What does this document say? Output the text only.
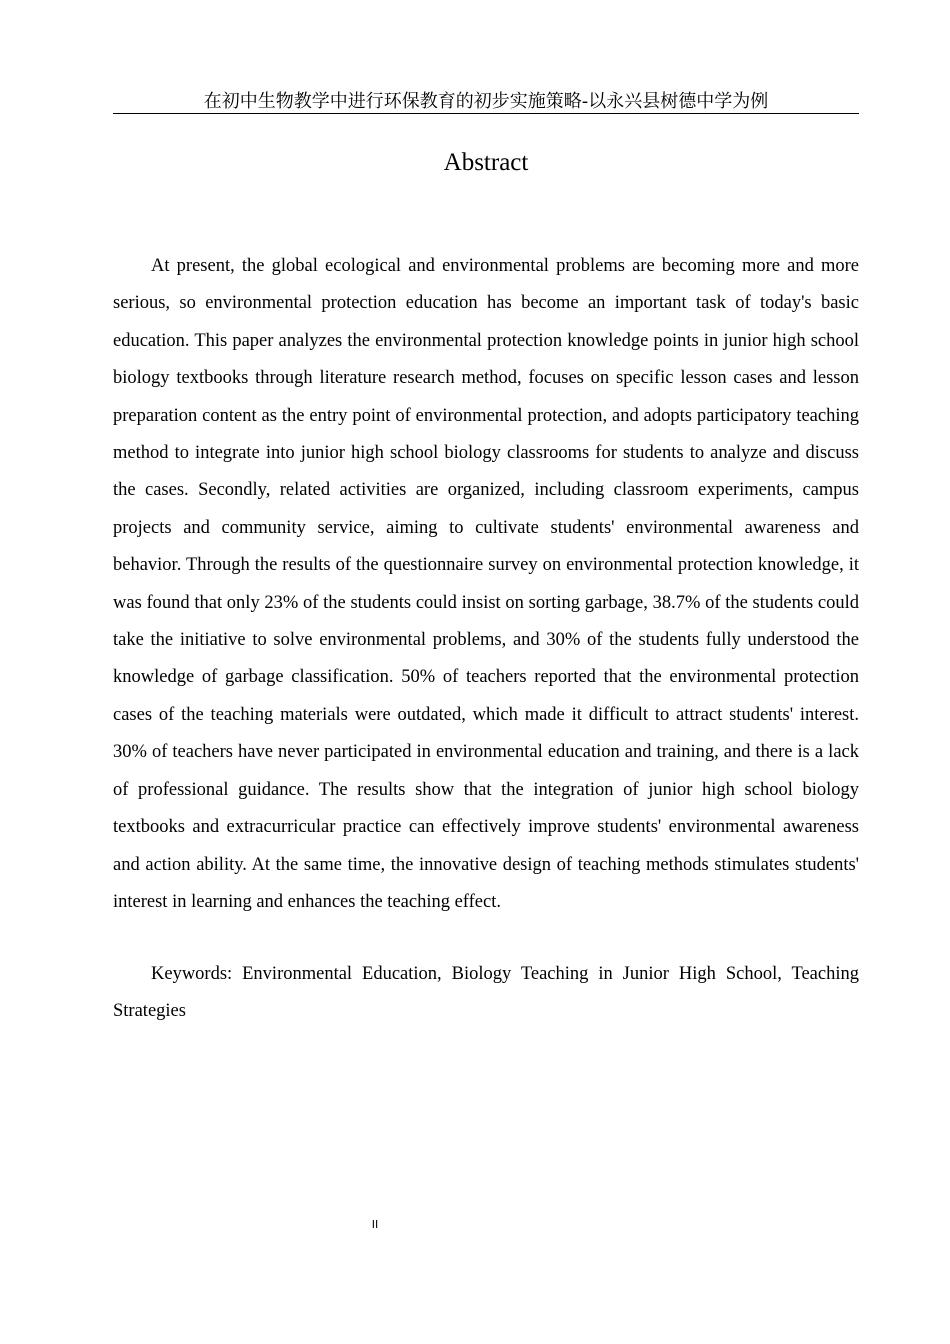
在初中生物教学中进行环保教育的初步实施策略-以永兴县树德中学为例
Abstract

At present, the global ecological and environmental problems are becoming more and more serious, so environmental protection education has become an important task of today's basic education. This paper analyzes the environmental protection knowledge points in junior high school biology textbooks through literature research method, focuses on specific lesson cases and lesson preparation content as the entry point of environmental protection, and adopts participatory teaching method to integrate into junior high school biology classrooms for students to analyze and discuss the cases. Secondly, related activities are organized, including classroom experiments, campus projects and community service, aiming to cultivate students' environmental awareness and behavior. Through the results of the questionnaire survey on environmental protection knowledge, it was found that only 23% of the students could insist on sorting garbage, 38.7% of the students could take the initiative to solve environmental problems, and 30% of the students fully understood the knowledge of garbage classification. 50% of teachers reported that the environmental protection cases of the teaching materials were outdated, which made it difficult to attract students' interest. 30% of teachers have never participated in environmental education and training, and there is a lack of professional guidance. The results show that the integration of junior high school biology textbooks and extracurricular practice can effectively improve students' environmental awareness and action ability. At the same time, the innovative design of teaching methods stimulates students' interest in learning and enhances the teaching effect.

Keywords: Environmental Education, Biology Teaching in Junior High School, Teaching Strategies

II
